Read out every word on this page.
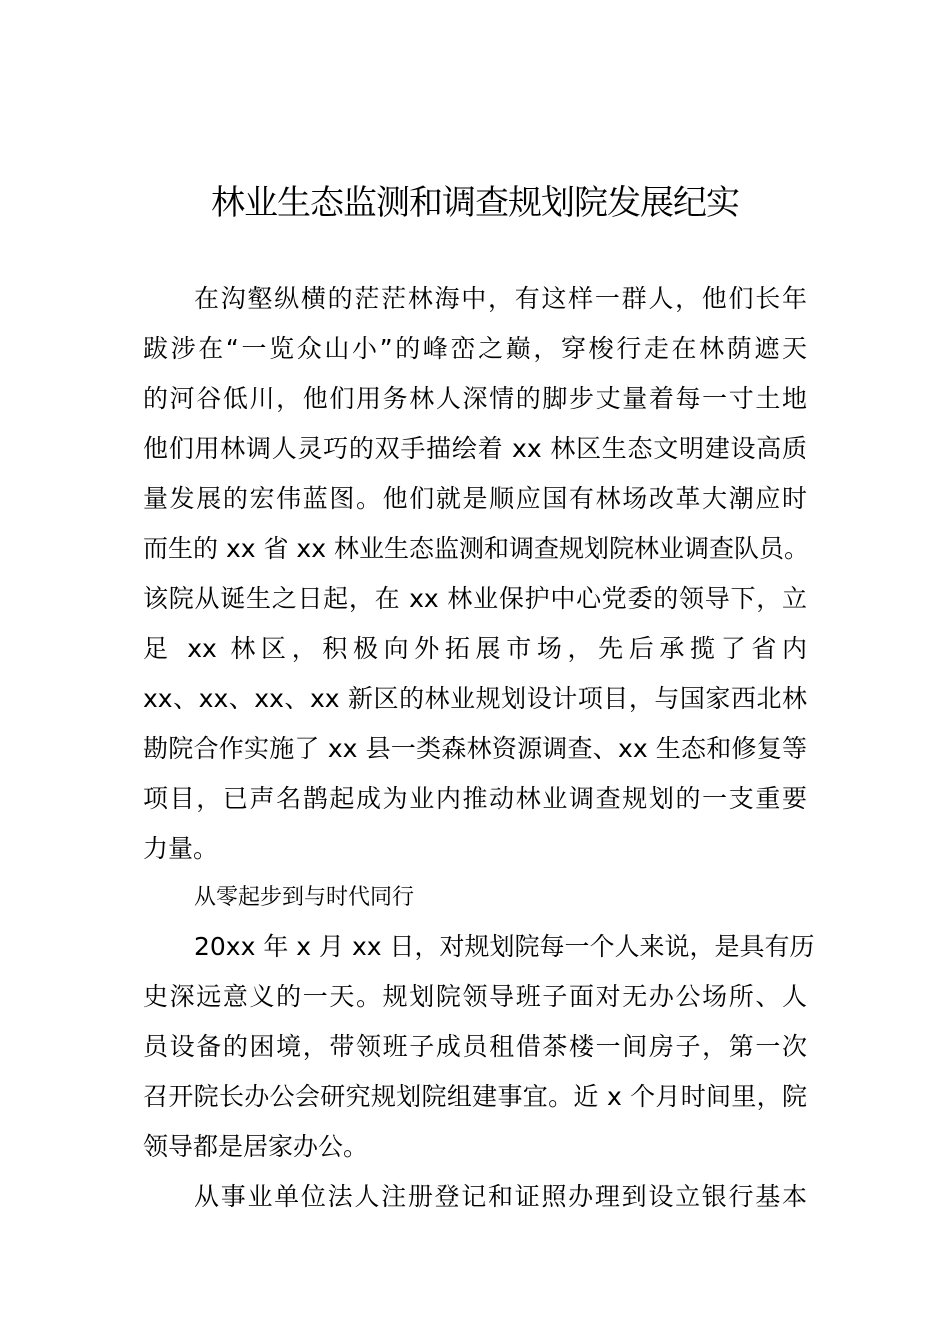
林业生态监测和调查规划院发展纪实
在沟壑纵横的茫茫林海中，有这样一群人，他们长年
跋涉在“一览众山小”的峰峦之巅，穿梭行走在林荫遮天
的河谷低川，他们用务林人深情的脚步丈量着每一寸土地
他们用林调人灵巧的双手描绘着 xx 林区生态文明建设高质
量发展的宏伟蓝图。他们就是顺应国有林场改革大潮应时
而生的 xx 省 xx 林业生态监测和调查规划院林业调查队员。
该院从诞生之日起，在 xx 林业保护中心党委的领导下，立
足 xx 林区，积极向外拓展市场，先后承揽了省内
xx、xx、xx、xx 新区的林业规划设计项目，与国家西北林
勘院合作实施了 xx 县一类森林资源调查、xx 生态和修复等
项目，已声名鹊起成为业内推动林业调查规划的一支重要
力量。
从零起步到与时代同行
20xx 年 x 月 xx 日，对规划院每一个人来说，是具有历
史深远意义的一天。规划院领导班子面对无办公场所、人
员设备的困境，带领班子成员租借茶楼一间房子，第一次
召开院长办公会研究规划院组建事宜。近 x 个月时间里，院
领导都是居家办公。
从事业单位法人注册登记和证照办理到设立银行基本
